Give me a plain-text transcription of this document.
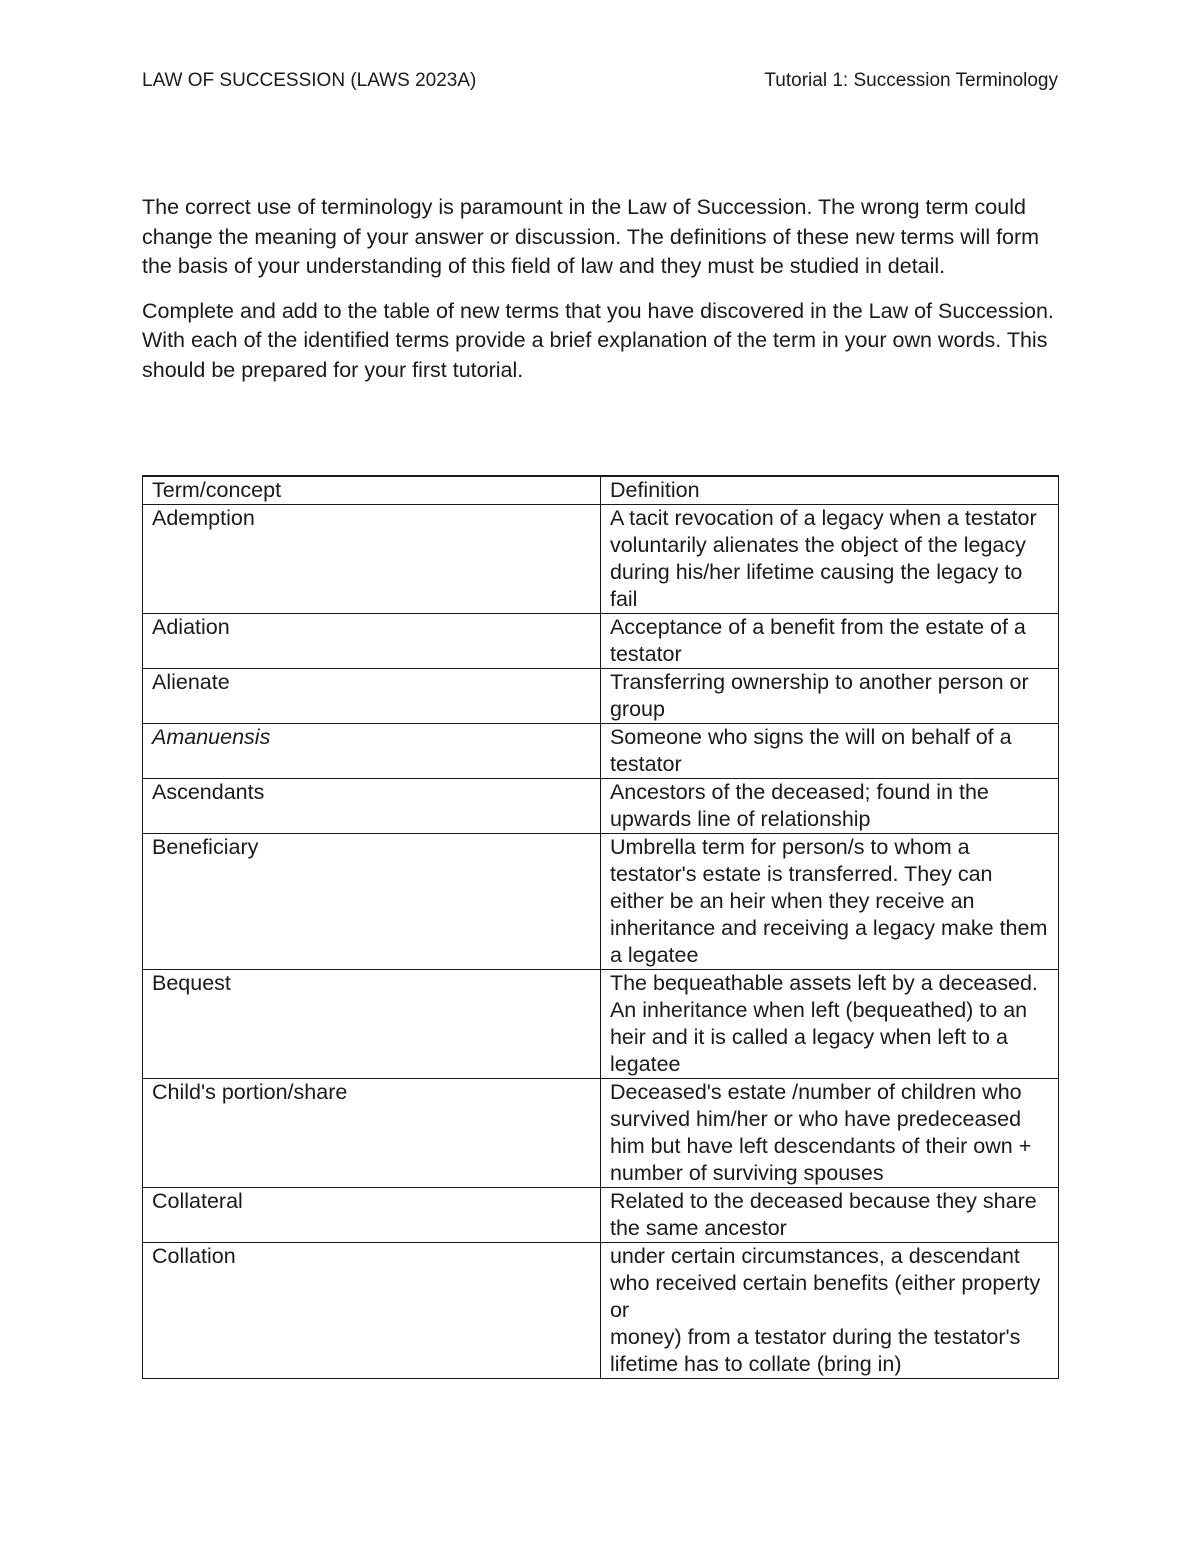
LAW OF SUCCESSION (LAWS 2023A)	Tutorial 1: Succession Terminology

The correct use of terminology is paramount in the Law of Succession. The wrong term could change the meaning of your answer or discussion. The definitions of these new terms will form the basis of your understanding of this field of law and they must be studied in detail.

Complete and add to the table of new terms that you have discovered in the Law of Succession. With each of the identified terms provide a brief explanation of the term in your own words. This should be prepared for your first tutorial.

Term/concept	Definition
Ademption	A tacit revocation of a legacy when a testator voluntarily alienates the object of the legacy during his/her lifetime causing the legacy to fail
Adiation	Acceptance of a benefit from the estate of a testator
Alienate	Transferring ownership to another person or group
Amanuensis	Someone who signs the will on behalf of a testator
Ascendants	Ancestors of the deceased; found in the upwards line of relationship
Beneficiary	Umbrella term for person/s to whom a testator's estate is transferred. They can either be an heir when they receive an inheritance and receiving a legacy make them a legatee
Bequest	The bequeathable assets left by a deceased. An inheritance when left (bequeathed) to an heir and it is called a legacy when left to a legatee
Child's portion/share	Deceased's estate /number of children who survived him/her or who have predeceased him but have left descendants of their own + number of surviving spouses
Collateral	Related to the deceased because they share the same ancestor
Collation	under certain circumstances, a descendant who received certain benefits (either property or
money) from a testator during the testator's lifetime has to collate (bring in)
